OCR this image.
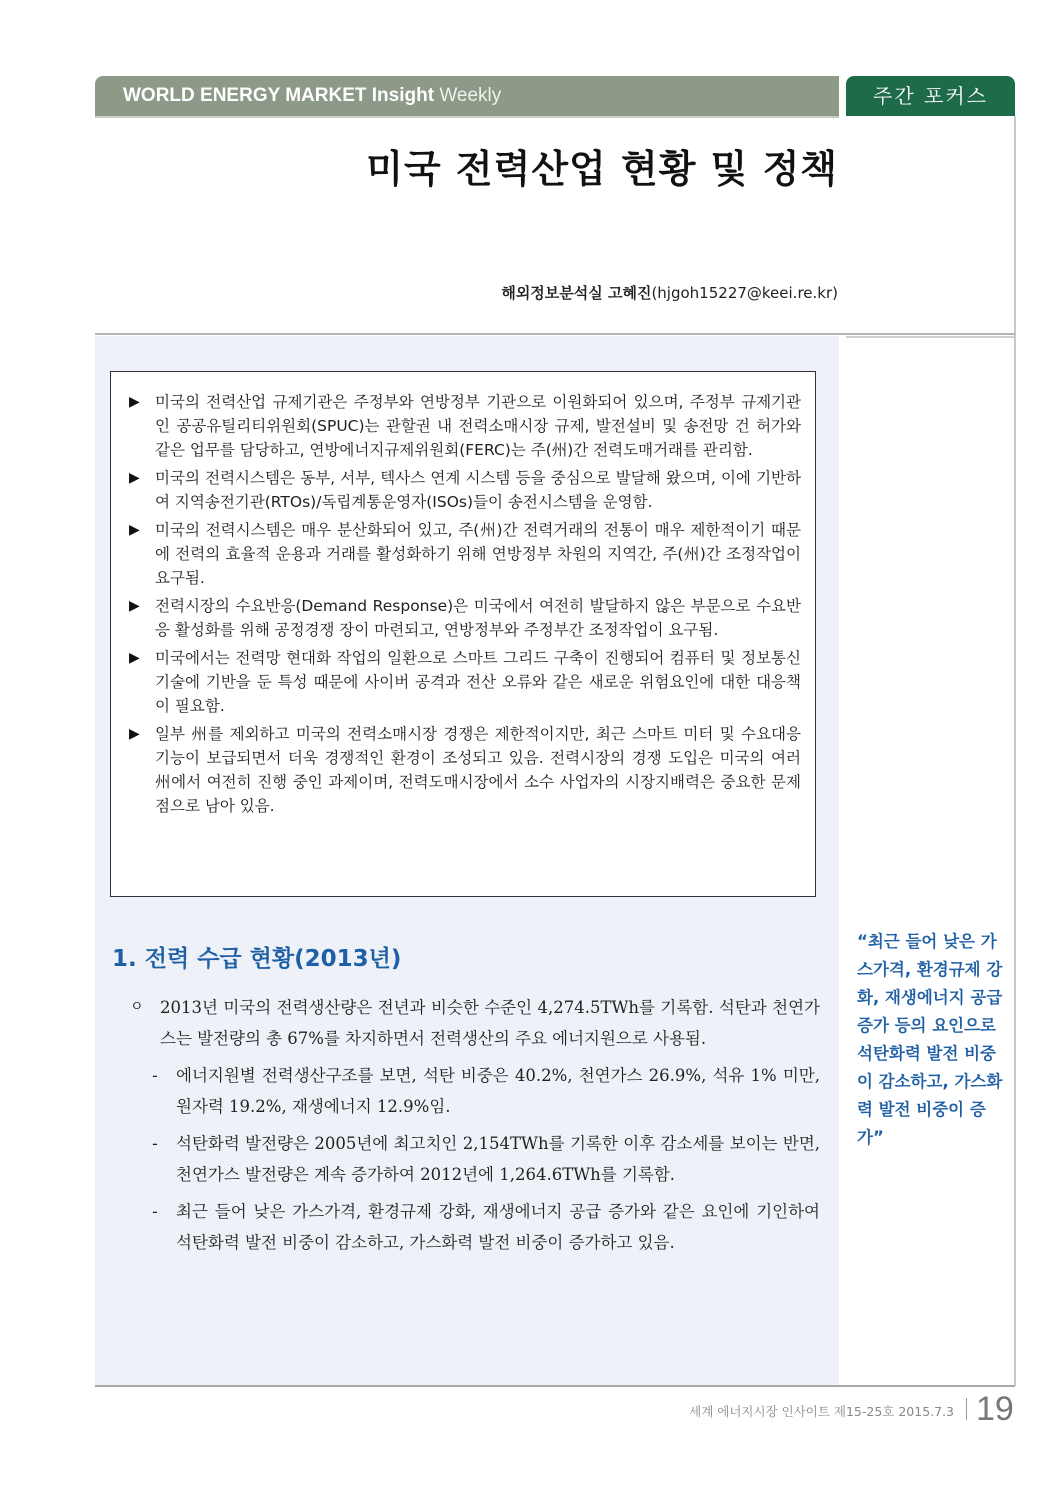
WORLD ENERGY MARKET Insight Weekly	주간 포커스
미국 전력산업 현황 및 정책
해외정보분석실 고혜진(hjgoh15227@keei.re.kr)
▶ 미국의 전력산업 규제기관은 주정부와 연방정부 기관으로 이원화되어 있으며, 주정부 규제기관인 공공유틸리티위원회(SPUC)는 관할권 내 전력소매시장 규제, 발전설비 및 송전망 건 허가와 같은 업무를 담당하고, 연방에너지규제위원회(FERC)는 주(州)간 전력도매거래를 관리함.
▶ 미국의 전력시스템은 동부, 서부, 텍사스 연계 시스템 등을 중심으로 발달해 왔으며, 이에 기반하여 지역송전기관(RTOs)/독립계통운영자(ISOs)들이 송전시스템을 운영함.
▶ 미국의 전력시스템은 매우 분산화되어 있고, 주(州)간 전력거래의 전통이 매우 제한적이기 때문에 전력의 효율적 운용과 거래를 활성화하기 위해 연방정부 차원의 지역간, 주(州)간 조정작업이 요구됨.
▶ 전력시장의 수요반응(Demand Response)은 미국에서 여전히 발달하지 않은 부문으로 수요반응 활성화를 위해 공정경쟁 장이 마련되고, 연방정부와 주정부간 조정작업이 요구됨.
▶ 미국에서는 전력망 현대화 작업의 일환으로 스마트 그리드 구축이 진행되어 컴퓨터 및 정보통신 기술에 기반을 둔 특성 때문에 사이버 공격과 전산 오류와 같은 새로운 위험요인에 대한 대응책이 필요함.
▶ 일부 州를 제외하고 미국의 전력소매시장 경쟁은 제한적이지만, 최근 스마트 미터 및 수요대응 기능이 보급되면서 더욱 경쟁적인 환경이 조성되고 있음. 전력시장의 경쟁 도입은 미국의 여러 州에서 여전히 진행 중인 과제이며, 전력도매시장에서 소수 사업자의 시장지배력은 중요한 문제점으로 남아 있음.
1. 전력 수급 현황(2013년)
ㅇ 2013년 미국의 전력생산량은 전년과 비슷한 수준인 4,274.5TWh를 기록함. 석탄과 천연가스는 발전량의 총 67%를 차지하면서 전력생산의 주요 에너지원으로 사용됨.
-	에너지원별 전력생산구조를 보면, 석탄 비중은 40.2%, 천연가스 26.9%, 석유 1% 미만, 원자력 19.2%, 재생에너지 12.9%임.
-	석탄화력 발전량은 2005년에 최고치인 2,154TWh를 기록한 이후 감소세를 보이는 반면, 천연가스 발전량은 계속 증가하여 2012년에 1,264.6TWh를 기록함.
-	최근 들어 낮은 가스가격, 환경규제 강화, 재생에너지 공급 증가와 같은 요인에 기인하여 석탄화력 발전 비중이 감소하고, 가스화력 발전 비중이 증가하고 있음.
“최근 들어 낮은 가스가격, 환경규제 강화, 재생에너지 공급 증가 등의 요인으로 석탄화력 발전 비중이 감소하고, 가스화력 발전 비중이 증가”
세계 에너지시장 인사이트 제15-25호 2015.7.3 19
